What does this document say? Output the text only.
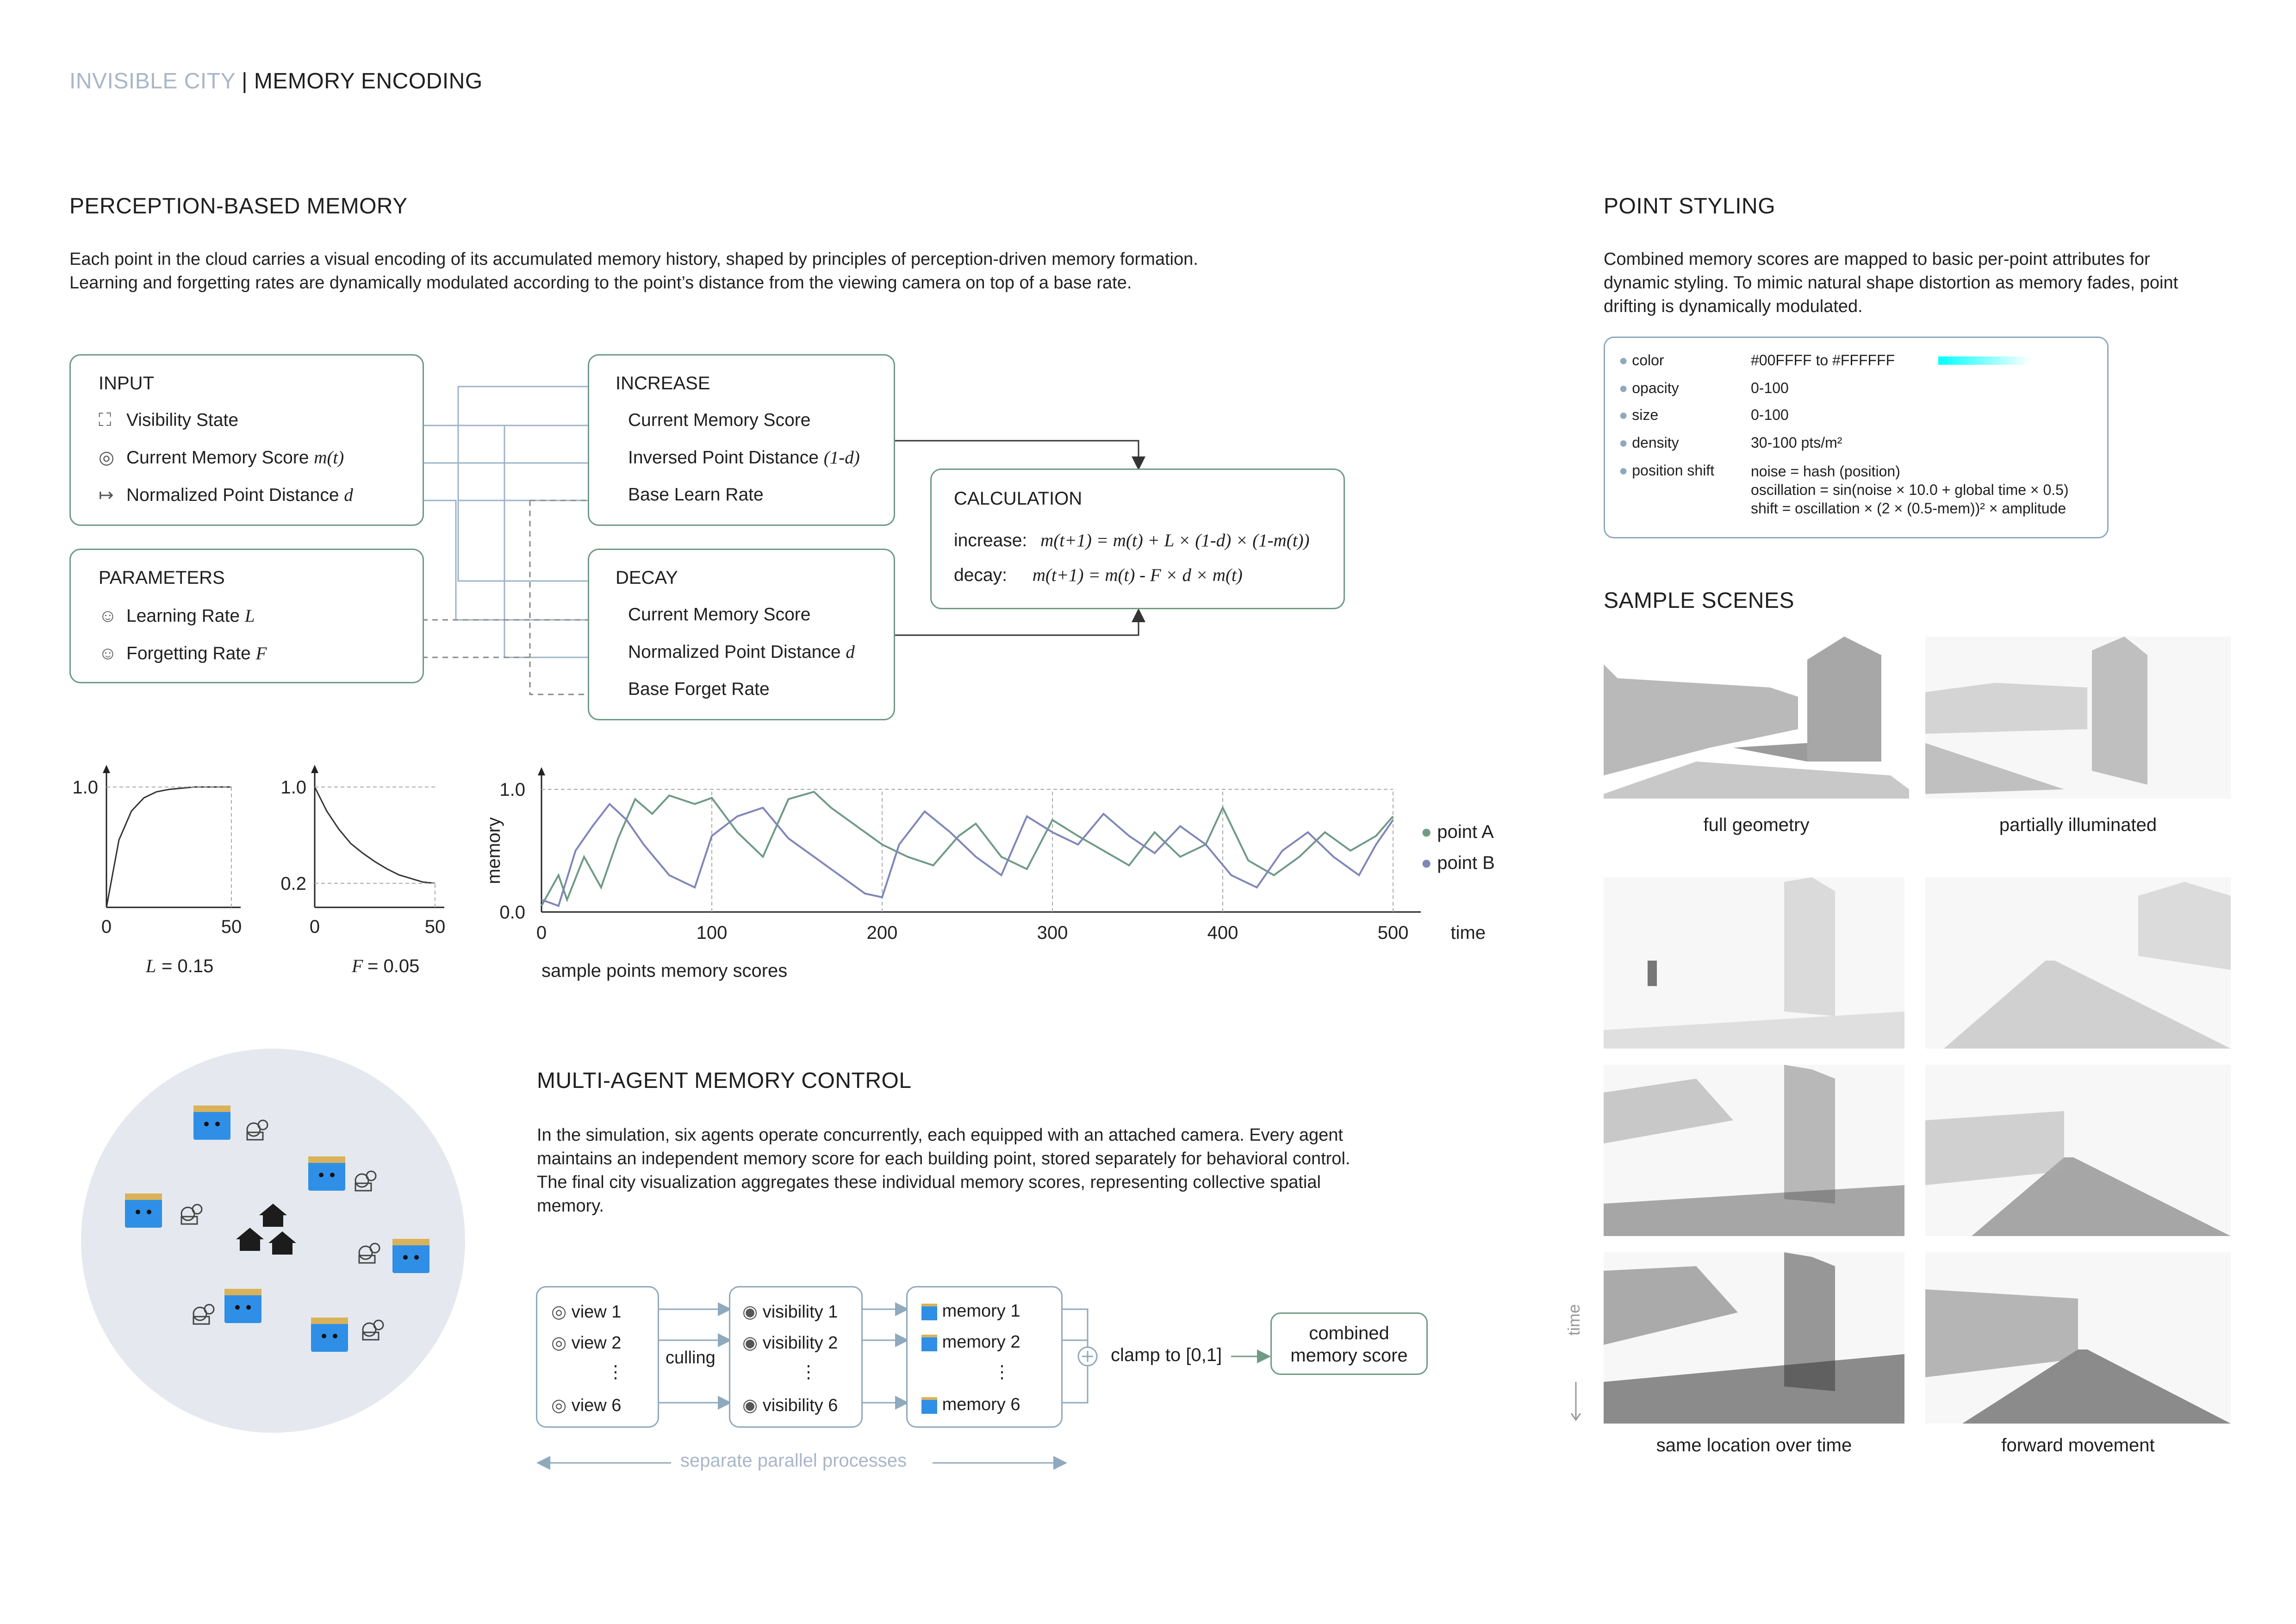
INVISIBLE CITY | MEMORY ENCODING
PERCEPTION-BASED MEMORY
Each point in the cloud carries a visual encoding of its accumulated memory history, shaped by principles of perception-driven memory formation.
Learning and forgetting rates are dynamically modulated according to the point’s distance from the viewing camera on top of a base rate.
INPUT
⛶ Visibility State
◎ Current Memory Score m(t)
↦ Normalized Point Distance d
PARAMETERS
☺ Learning Rate L
☺ Forgetting Rate F
INCREASE
Current Memory Score
Inversed Point Distance (1-d)
Base Learn Rate
DECAY
Current Memory Score
Normalized Point Distance d
Base Forget Rate
CALCULATION
increase: m(t+1) = m(t) + L × (1-d) × (1-m(t))
decay: m(t+1) = m(t) - F × d × m(t)
0	50
1.0
L = 0.15
0	50
1.0
0.2
F = 0.05
0	100	200	300	400	500
1.0
0.0
time
memory
sample points memory scores
● point A
● point B
MULTI-AGENT MEMORY CONTROL
In the simulation, six agents operate concurrently, each equipped with an attached camera. Every agent
maintains an independent memory score for each building point, stored separately for behavioral control.
The final city visualization aggregates these individual memory scores, representing collective spatial
memory.
◎ view 1
◎ view 2
⋮
◎ view 6
culling
◉ visibility 1
◉ visibility 2
⋮
◉ visibility 6
memory 1
memory 2
⋮
memory 6
clamp to [0,1]
combined
memory score
separate parallel processes
POINT STYLING
Combined memory scores are mapped to basic per-point attributes for
dynamic styling. To mimic natural shape distortion as memory fades, point
drifting is dynamically modulated.
● color	#00FFFF to #FFFFFF
● opacity	0-100
● size	0-100
● density	30-100 pts/m²
● position shift noise = hash (position)
oscillation = sin(noise × 10.0 + global time × 0.5)
shift = oscillation × (2 × (0.5-mem))² × amplitude
SAMPLE SCENES
full geometry	partially illuminated
time
same location over time	forward movement
